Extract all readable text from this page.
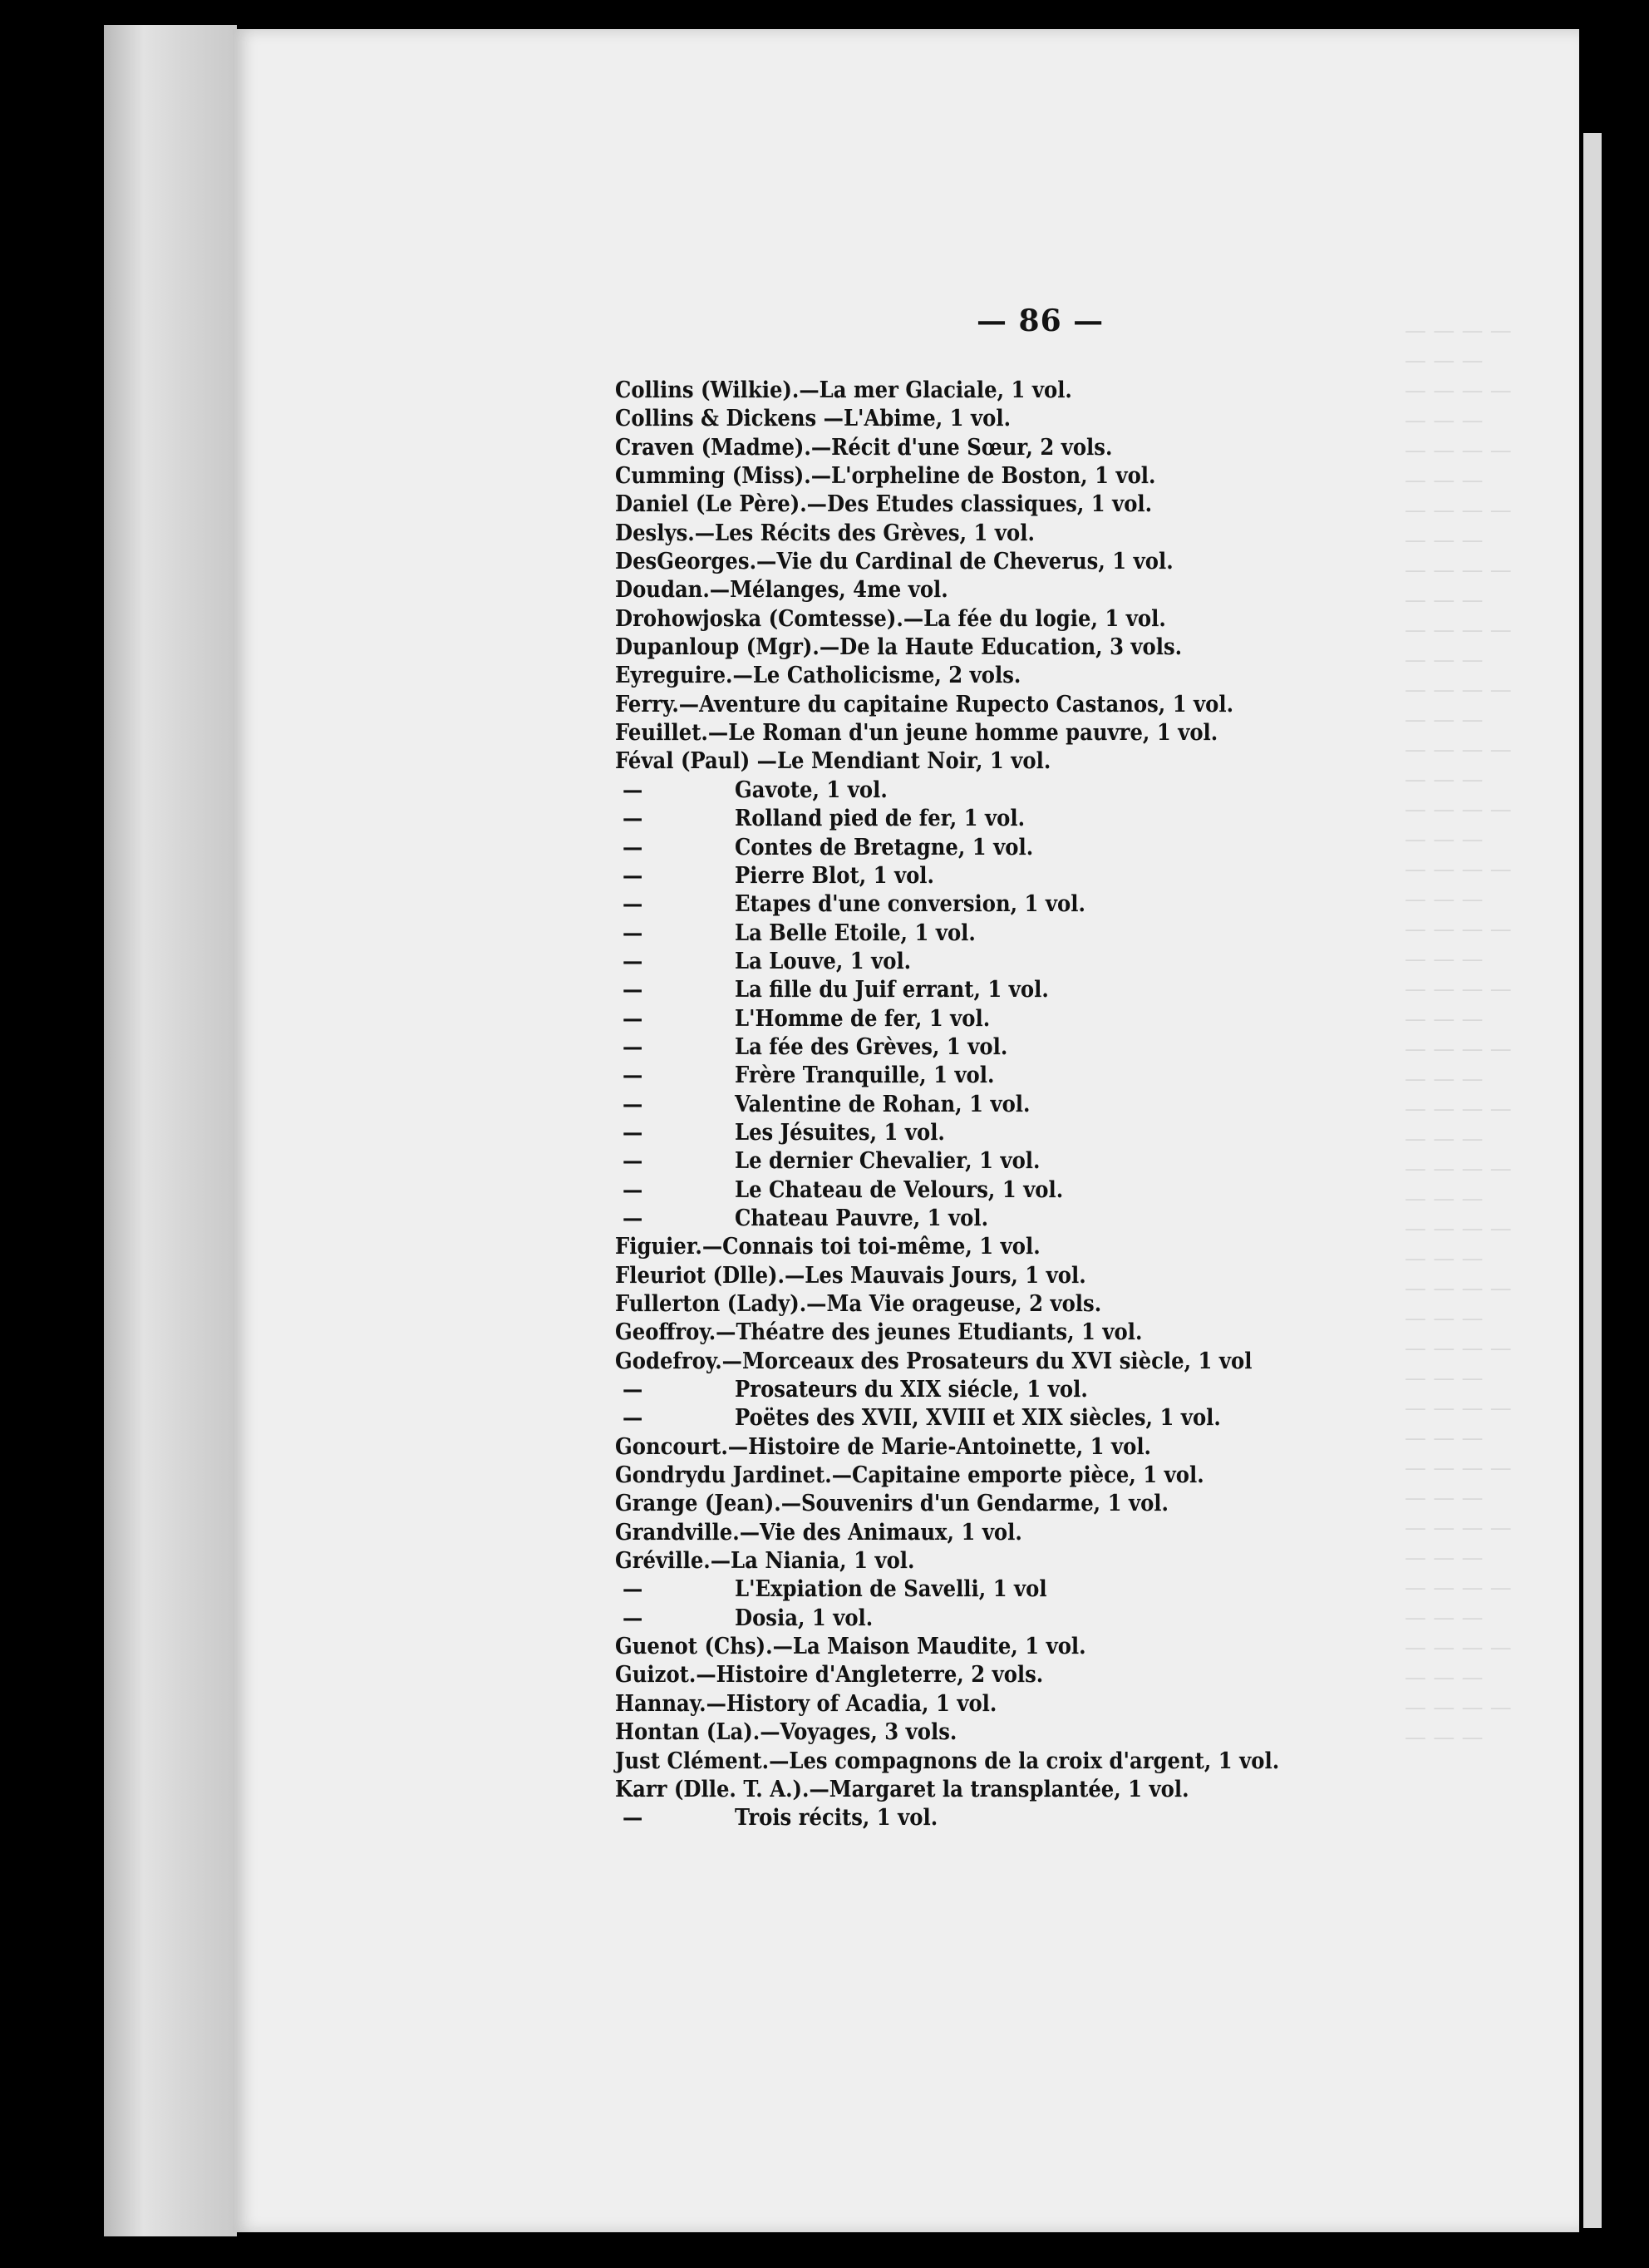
— — — —
— — —
— — — —
— — —
— — — —
— — —
— — — —
— — —
— — — —
— — —
— — — —
— — —
— — — —
— — —
— — — —
— — —
— — — —
— — —
— — — —
— — —
— — — —
— — —
— — — —
— — —
— — — —
— — —
— — — —
— — —
— — — —
— — —
— — — —
— — —
— — — —
— — —
— — — —
— — —
— — — —
— — —
— — — —
— — —
— — — —
— — —
— — — —
— — —
— — — —
— — —
— — — —
— — —
— 86 —
Collins (Wilkie).—La mer Glaciale, 1 vol.
Collins & Dickens —L'Abime, 1 vol.
Craven (Madme).—Récit d'une Sœur, 2 vols.
Cumming (Miss).—L'orpheline de Boston, 1 vol.
Daniel (Le Père).—Des Etudes classiques, 1 vol.
Deslys.—Les Récits des Grèves, 1 vol.
DesGeorges.—Vie du Cardinal de Cheverus, 1 vol.
Doudan.—Mélanges, 4me vol.
Drohowjoska (Comtesse).—La fée du logie, 1 vol.
Dupanloup (Mgr).—De la Haute Education, 3 vols.
Eyreguire.—Le Catholicisme, 2 vols.
Ferry.—Aventure du capitaine Rupecto Castanos, 1 vol.
Feuillet.—Le Roman d'un jeune homme pauvre, 1 vol.
Féval (Paul) —Le Mendiant Noir, 1 vol.
—	Gavote, 1 vol.
—	Rolland pied de fer, 1 vol.
—	Contes de Bretagne, 1 vol.
—	Pierre Blot, 1 vol.
—	Etapes d'une conversion, 1 vol.
—	La Belle Etoile, 1 vol.
—	La Louve, 1 vol.
—	La fille du Juif errant, 1 vol.
—	L'Homme de fer, 1 vol.
—	La fée des Grèves, 1 vol.
—	Frère Tranquille, 1 vol.
—	Valentine de Rohan, 1 vol.
—	Les Jésuites, 1 vol.
—	Le dernier Chevalier, 1 vol.
—	Le Chateau de Velours, 1 vol.
—	Chateau Pauvre, 1 vol.
Figuier.—Connais toi toi-même, 1 vol.
Fleuriot (Dlle).—Les Mauvais Jours, 1 vol.
Fullerton (Lady).—Ma Vie orageuse, 2 vols.
Geoffroy.—Théatre des jeunes Etudiants, 1 vol.
Godefroy.—Morceaux des Prosateurs du XVI siècle, 1 vol
—	Prosateurs du XIX siécle, 1 vol.
—	Poëtes des XVII, XVIII et XIX siècles, 1 vol.
Goncourt.—Histoire de Marie-Antoinette, 1 vol.
Gondrydu Jardinet.—Capitaine emporte pièce, 1 vol.
Grange (Jean).—Souvenirs d'un Gendarme, 1 vol.
Grandville.—Vie des Animaux, 1 vol.
Gréville.—La Niania, 1 vol.
—	L'Expiation de Savelli, 1 vol
—	Dosia, 1 vol.
Guenot (Chs).—La Maison Maudite, 1 vol.
Guizot.—Histoire d'Angleterre, 2 vols.
Hannay.—History of Acadia, 1 vol.
Hontan (La).—Voyages, 3 vols.
Just Clément.—Les compagnons de la croix d'argent, 1 vol.
Karr (Dlle. T. A.).—Margaret la transplantée, 1 vol.
—	Trois récits, 1 vol.
